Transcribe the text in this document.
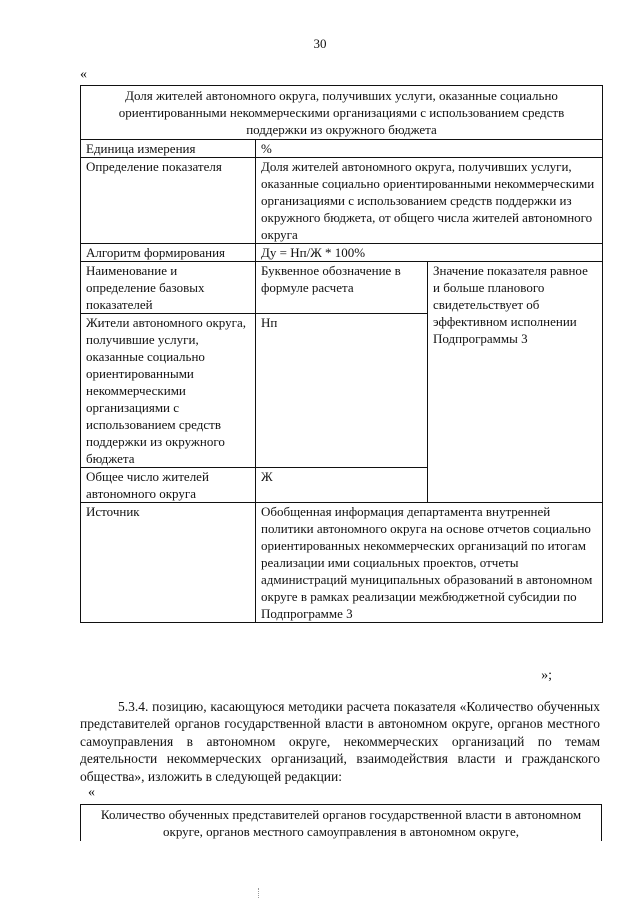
30
«
Доля жителей автономного округа, получивших услуги, оказанные социально ориентированными некоммерческими организациями с использованием средств поддержки из окружного бюджета		
Единица измерения	%	
Определение показателя	Доля жителей автономного округа, получивших услуги, оказанные социально ориентированными некоммерческими организациями с использованием средств поддержки из окружного бюджета, от общего числа жителей автономного округа	
Алгоритм формирования	Ду = Нп/Ж * 100%	
Наименование и определение базовых показателей	Буквенное обозначение в формуле расчета	Значение показателя равное и больше планового свидетельствует об эффективном исполнении Подпрограммы 3
Жители автономного округа, получившие услуги, оказанные социально ориентированными некоммерческими организациями с использованием средств поддержки из окружного бюджета	Нп	
Общее число жителей автономного округа	Ж	
Источник	Обобщенная информация департамента внутренней политики автономного округа на основе отчетов социально ориентированных некоммерческих организаций по итогам реализации ими социальных проектов, отчеты администраций муниципальных образований в автономном округе в рамках реализации межбюджетной субсидии по Подпрограмме 3	
»;

5.3.4. позицию, касающуюся методики расчета показателя «Количество обученных представителей органов государственной власти в автономном округе, органов местного самоуправления в автономном округе, некоммерческих организаций по темам деятельности некоммерческих организаций, взаимодействия власти и гражданского общества», изложить в следующей редакции:

«
Количество обученных представителей органов государственной власти в автономном округе, органов местного самоуправления в автономном округе,
